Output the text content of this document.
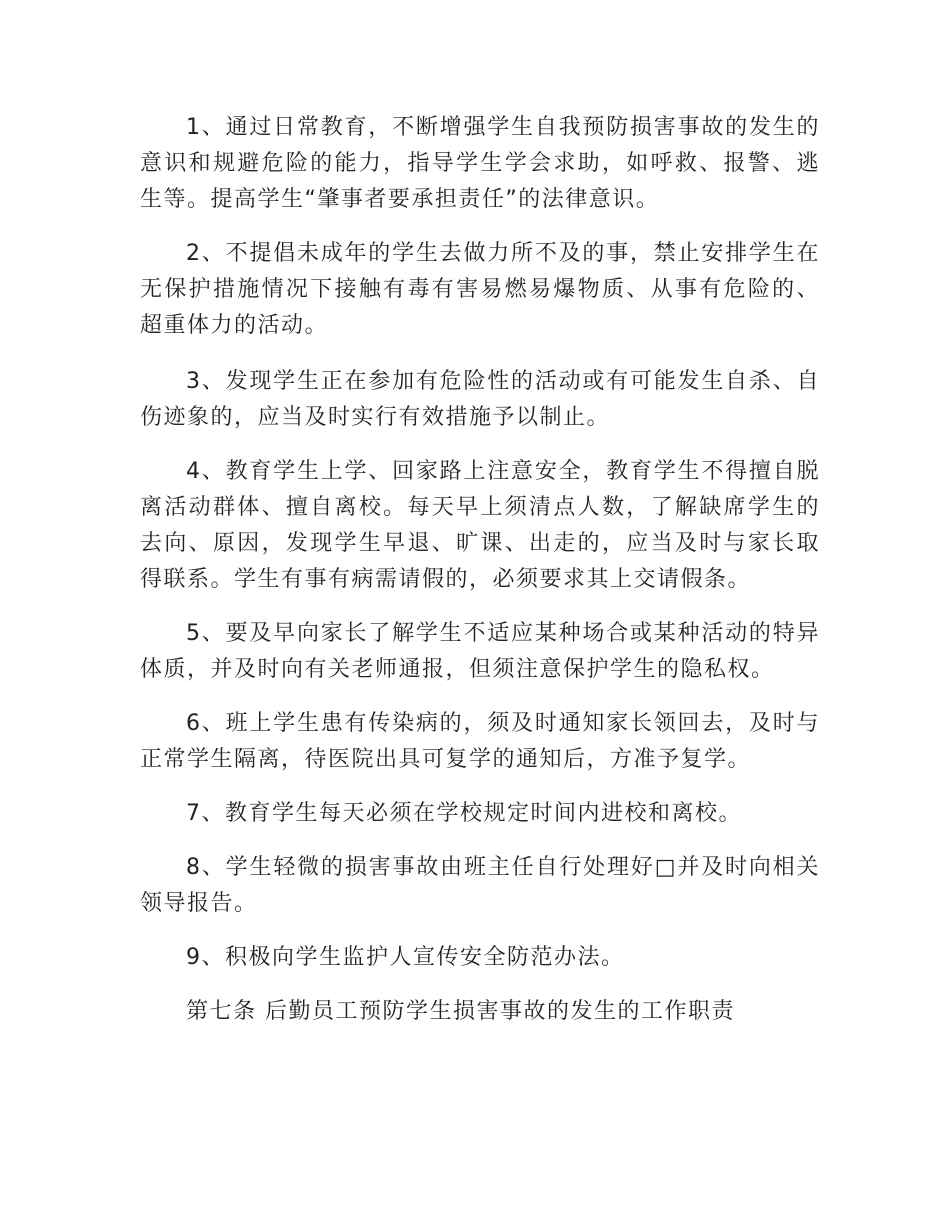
1、通过日常教育，不断增强学生自我预防损害事故的发生的意识和规避危险的能力，指导学生学会求助，如呼救、报警、逃生等。提高学生“肇事者要承担责任”的法律意识。

2、不提倡未成年的学生去做力所不及的事，禁止安排学生在无保护措施情况下接触有毒有害易燃易爆物质、从事有危险的、超重体力的活动。

3、发现学生正在参加有危险性的活动或有可能发生自杀、自伤迹象的，应当及时实行有效措施予以制止。

4、教育学生上学、回家路上注意安全，教育学生不得擅自脱离活动群体、擅自离校。每天早上须清点人数，了解缺席学生的去向、原因，发现学生早退、旷课、出走的，应当及时与家长取得联系。学生有事有病需请假的，必须要求其上交请假条。

5、要及早向家长了解学生不适应某种场合或某种活动的特异体质，并及时向有关老师通报，但须注意保护学生的隐私权。

6、班上学生患有传染病的，须及时通知家长领回去，及时与正常学生隔离，待医院出具可复学的通知后，方准予复学。

7、教育学生每天必须在学校规定时间内进校和离校。

8、学生轻微的损害事故由班主任自行处理好□并及时向相关领导报告。

9、积极向学生监护人宣传安全防范办法。

第七条 后勤员工预防学生损害事故的发生的工作职责
